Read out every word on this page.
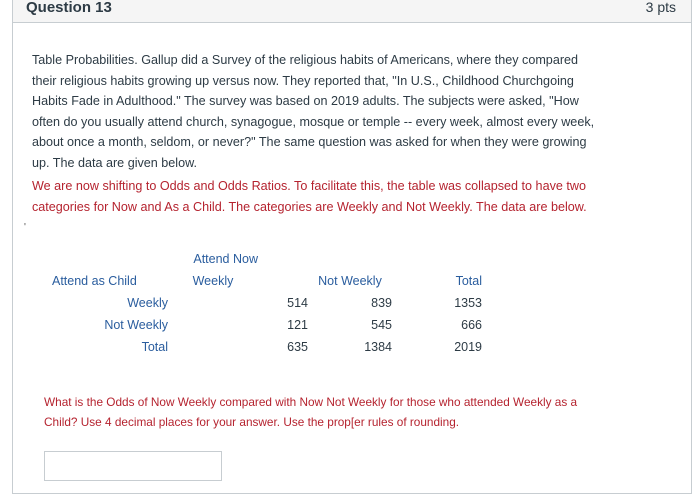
Question 13	3 pts
Table Probabilities. Gallup did a Survey of the religious habits of Americans, where they compared their religious habits growing up versus now. They reported that, "In U.S., Childhood Churchgoing Habits Fade in Adulthood." The survey was based on 2019 adults. The subjects were asked, "How often do you usually attend church, synagogue, mosque or temple -- every week, almost every week, about once a month, seldom, or never?" The same question was asked for when they were growing up. The data are given below.
We are now shifting to Odds and Odds Ratios. To facilitate this, the table was collapsed to have two categories for Now and As a Child. The categories are Weekly and Not Weekly. The data are below.
'
	Attend Now			
Attend as Child	Weekly		Not Weekly	Total
Weekly		514	839	1353
Not Weekly		121	545	666
Total		635	1384	2019
What is the Odds of Now Weekly compared with Now Not Weekly for those who attended Weekly as a Child? Use 4 decimal places for your answer. Use the prop[er rules of rounding.
